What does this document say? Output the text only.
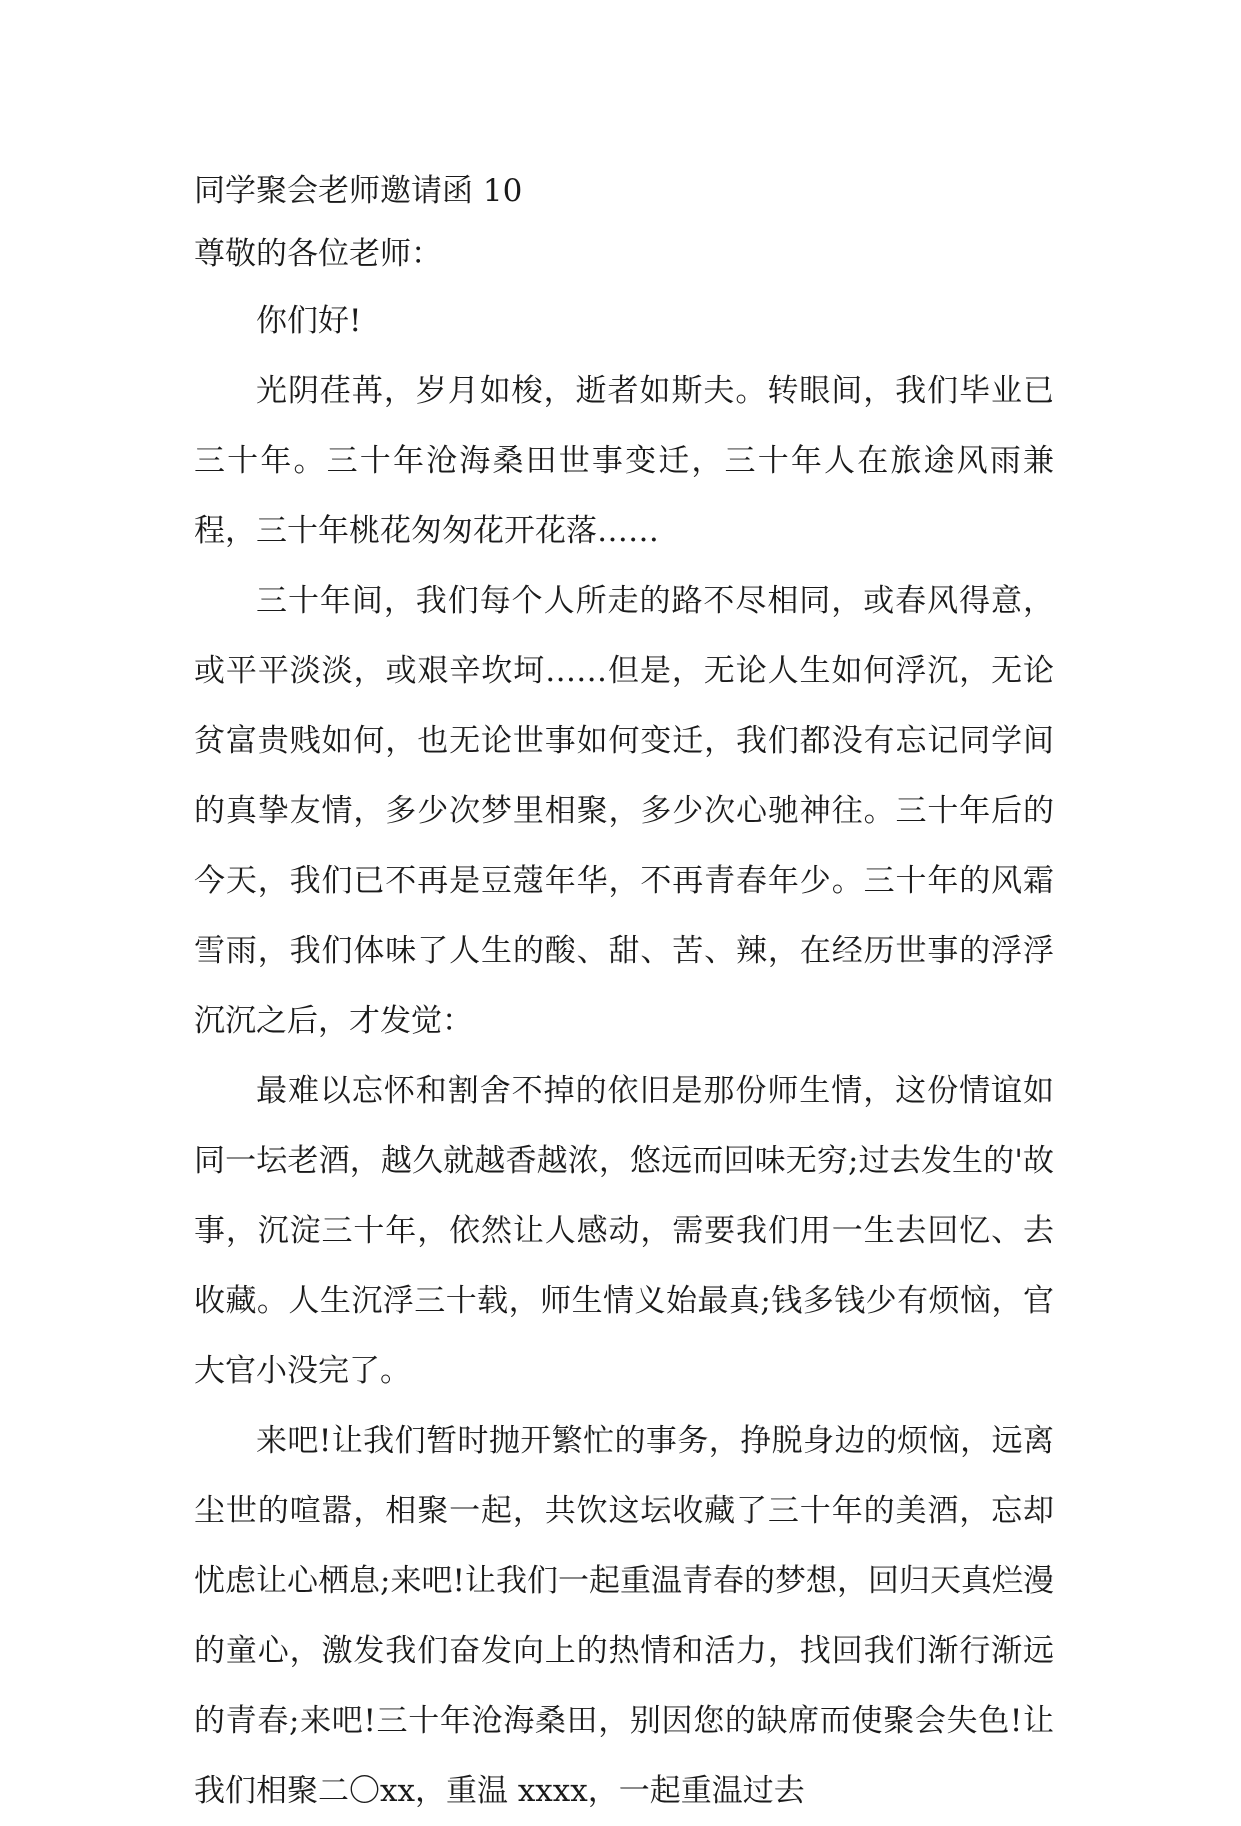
同学聚会老师邀请函 10

尊敬的各位老师：

你们好!

光阴荏苒，岁月如梭，逝者如斯夫。转眼间，我们毕业已三十年。三十年沧海桑田世事变迁，三十年人在旅途风雨兼程，三十年桃花匆匆花开花落……

三十年间，我们每个人所走的路不尽相同，或春风得意，或平平淡淡，或艰辛坎坷……但是，无论人生如何浮沉，无论贫富贵贱如何，也无论世事如何变迁，我们都没有忘记同学间的真挚友情，多少次梦里相聚，多少次心驰神往。三十年后的今天，我们已不再是豆蔻年华，不再青春年少。三十年的风霜雪雨，我们体味了人生的酸、甜、苦、辣，在经历世事的浮浮沉沉之后，才发觉：

最难以忘怀和割舍不掉的依旧是那份师生情，这份情谊如同一坛老酒，越久就越香越浓，悠远而回味无穷;过去发生的'故事，沉淀三十年，依然让人感动，需要我们用一生去回忆、去收藏。人生沉浮三十载，师生情义始最真;钱多钱少有烦恼，官大官小没完了。

来吧!让我们暂时抛开繁忙的事务，挣脱身边的烦恼，远离尘世的喧嚣，相聚一起，共饮这坛收藏了三十年的美酒，忘却忧虑让心栖息;来吧!让我们一起重温青春的梦想，回归天真烂漫的童心，激发我们奋发向上的热情和活力，找回我们渐行渐远的青春;来吧!三十年沧海桑田，别因您的缺席而使聚会失色!让我们相聚二〇xx，重温 xxxx，一起重温过去
